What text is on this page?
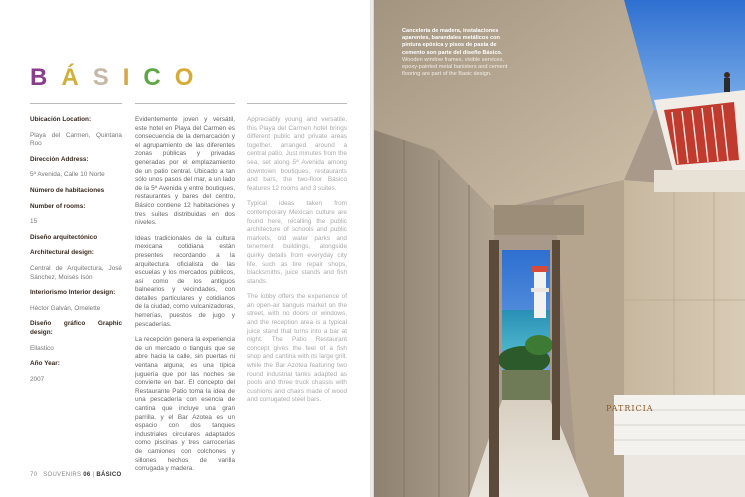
BÁSICO

Ubicación Location:

Playa del Carmen, Quintana Roo

Dirección Address:

5ª Avenida, Calle 10 Norte

Número de habitaciones

Number of rooms:

15

Diseño arquitectónico

Architectural design:

Central de Arquitectura, José Sánchez, Moisés Isón

Interiorismo Interior design:

Héctor Galván, Omelette

Diseño gráfico Graphic design:

Ellastico

Año Year:

2007

Evidentemente joven y versátil, este hotel en Playa del Carmen es consecuencia de la demarcación y el agrupamiento de las diferentes zonas públicas y privadas generadas por el emplazamiento de un patio central. Ubicado a tan sólo unos pasos del mar, a un lado de la 5ª Avenida y entre boutiques, restaurantes y bares del centro, Básico contiene 12 habitaciones y tres suites distribuidas en dos niveles.

Ideas tradicionales de la cultura mexicana cotidiana están presentes recordando a la arquitectura oficialista de las escuelas y los mercados públicos, así como de los antiguos balnearios y vecindades, con detalles particulares y cotidianos de la ciudad, como vulcanizadoras, herrerías, puestos de jugo y pescaderías.

La recepción genera la experiencia de un mercado o tianguis que se abre hacia la calle, sin puertas ni ventana alguna; es una típica juguería que por las noches se convierte en bar. El concepto del Restaurante Patio toma la idea de una pescadería con esencia de cantina que incluye una gran parrilla, y el Bar Azotea es un espacio con dos tanques industriales circulares adaptados como piscinas y tres carrocerías de camiones con colchones y sillones hechos de varilla corrugada y madera.

Appreciably young and versatile, this Playa del Carmen hotel brings different public and private areas together, arranged around a central patio. Just minutes from the sea, set along 5ª Avenida among downtown boutiques, restaurants and bars, the two-floor Básico features 12 rooms and 3 suites.

Typical ideas taken from contemporary Mexican culture are found here, recalling the public architecture of schools and public markets, old water parks and tenement buildings, alongside quirky details from everyday city life, such as tire repair shops, blacksmiths, juice stands and fish stands.

The lobby offers the experience of an open-air tianguis market on the street, with no doors or windows, and the reception area is a typical juice stand that turns into a bar at night. The Patio Restaurant concept gives the feel of a fish shop and cantina with its large grill, while the Bar Azotea featuring two round industrial tanks adapted as pools and three truck chassis with cushions and chairs made of wood and corrugated steel bars.

70 SOUVENIRS 06 | BÁSICO
PATRICIA

Cancelería de madera, instalaciones aparentes, barandales metálicos con pintura epóxica y pisos de pasta de cemento son parte del diseño Básico.

Wooden window frames, visible services, epoxy-painted metal banisters and cement flooring are part of the Basic design.
